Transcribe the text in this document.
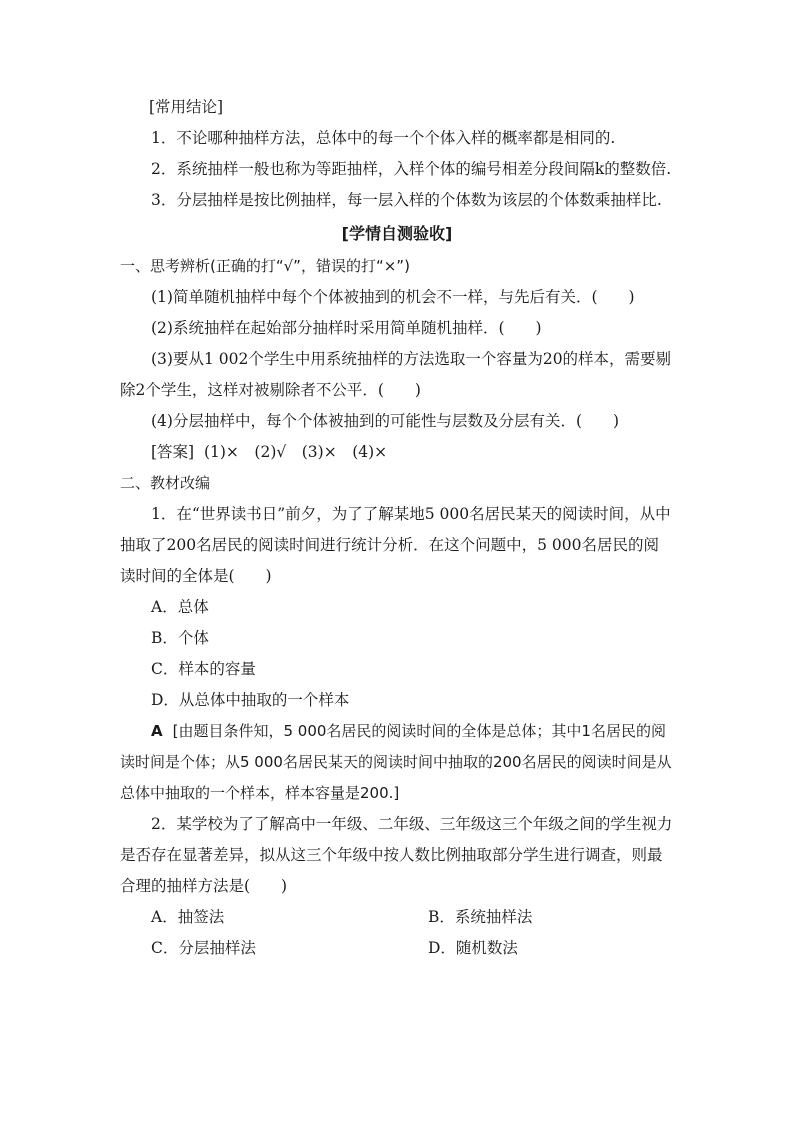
[常用结论]
1．不论哪种抽样方法，总体中的每一个个体入样的概率都是相同的.
2．系统抽样一般也称为等距抽样，入样个体的编号相差分段间隔k的整数倍.
3．分层抽样是按比例抽样，每一层入样的个体数为该层的个体数乘抽样比.
[学情自测验收]
一、思考辨析(正确的打“√”，错误的打“×”)
(1)简单随机抽样中每个个体被抽到的机会不一样，与先后有关．(　　)
(2)系统抽样在起始部分抽样时采用简单随机抽样．(　　)
(3)要从1 002个学生中用系统抽样的方法选取一个容量为20的样本，需要剔除2个学生，这样对被剔除者不公平．(　　)
(4)分层抽样中，每个个体被抽到的可能性与层数及分层有关．(　　)
[答案] (1)×　(2)√　(3)×　(4)×
二、教材改编
1．在“世界读书日”前夕，为了了解某地5 000名居民某天的阅读时间，从中抽取了200名居民的阅读时间进行统计分析．在这个问题中，5 000名居民的阅读时间的全体是(　　)
A．总体
B．个体
C．样本的容量
D．从总体中抽取的一个样本
A [由题目条件知，5 000名居民的阅读时间的全体是总体；其中1名居民的阅读时间是个体；从5 000名居民某天的阅读时间中抽取的200名居民的阅读时间是从总体中抽取的一个样本，样本容量是200.]
2．某学校为了了解高中一年级、二年级、三年级这三个年级之间的学生视力是否存在显著差异，拟从这三个年级中按人数比例抽取部分学生进行调查，则最合理的抽样方法是(　　)
A．抽签法	B．系统抽样法
C．分层抽样法	D．随机数法
